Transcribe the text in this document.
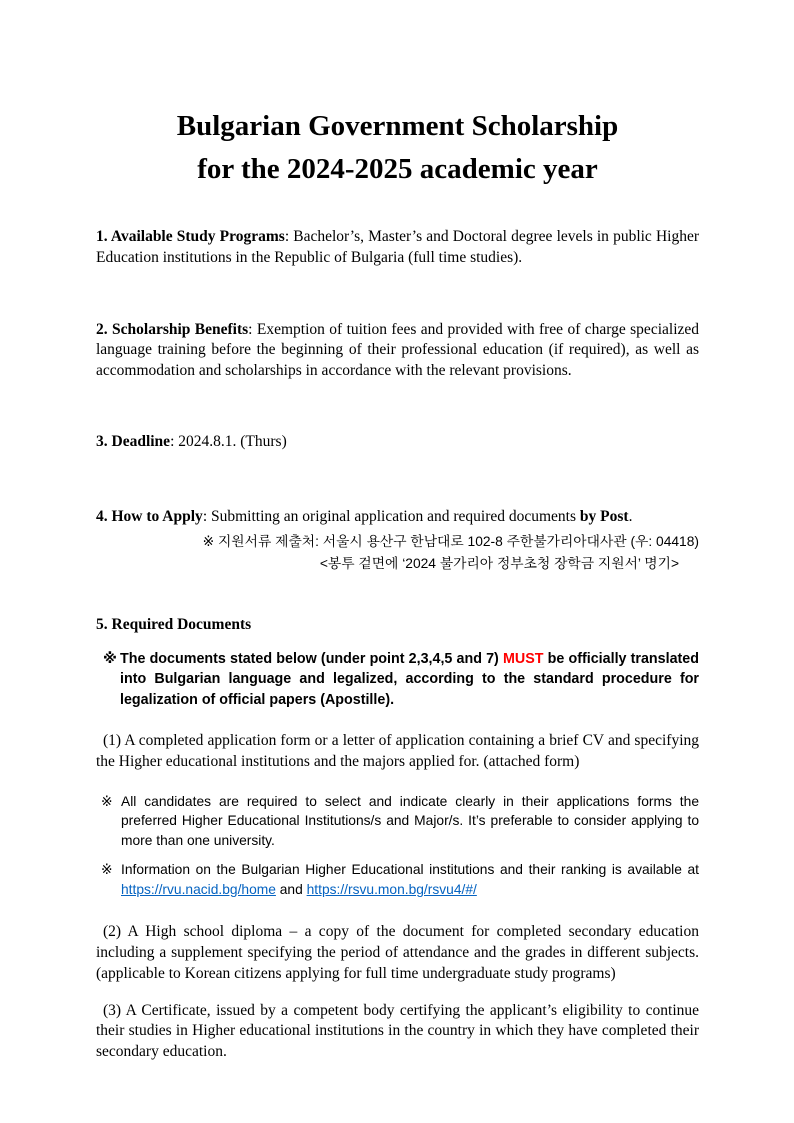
Bulgarian Government Scholarship
for the 2024-2025 academic year

1. Available Study Programs: Bachelor’s, Master’s and Doctoral degree levels in public Higher Education institutions in the Republic of Bulgaria (full time studies).

2. Scholarship Benefits: Exemption of tuition fees and provided with free of charge specialized language training before the beginning of their professional education (if required), as well as accommodation and scholarships in accordance with the relevant provisions.

3. Deadline: 2024.8.1. (Thurs)

4. How to Apply: Submitting an original application and required documents by Post.

※ 지원서류 제출처: 서울시 용산구 한남대로 102-8 주한불가리아대사관 (우: 04418)
<봉투 겉면에 ‘2024 불가리아 정부초청 장학금 지원서’ 명기>

5. Required Documents

※ The documents stated below (under point 2,3,4,5 and 7) MUST be officially translated into Bulgarian language and legalized, according to the standard procedure for legalization of official papers (Apostille).

(1) A completed application form or a letter of application containing a brief CV and specifying the Higher educational institutions and the majors applied for. (attached form)

※ All candidates are required to select and indicate clearly in their applications forms the preferred Higher Educational Institutions/s and Major/s. It’s preferable to consider applying to more than one university.
※ Information on the Bulgarian Higher Educational institutions and their ranking is available at https://rvu.nacid.bg/home and https://rsvu.mon.bg/rsvu4/#/

(2) A High school diploma – a copy of the document for completed secondary education including a supplement specifying the period of attendance and the grades in different subjects. (applicable to Korean citizens applying for full time undergraduate study programs)

(3) A Certificate, issued by a competent body certifying the applicant’s eligibility to continue their studies in Higher educational institutions in the country in which they have completed their secondary education.
